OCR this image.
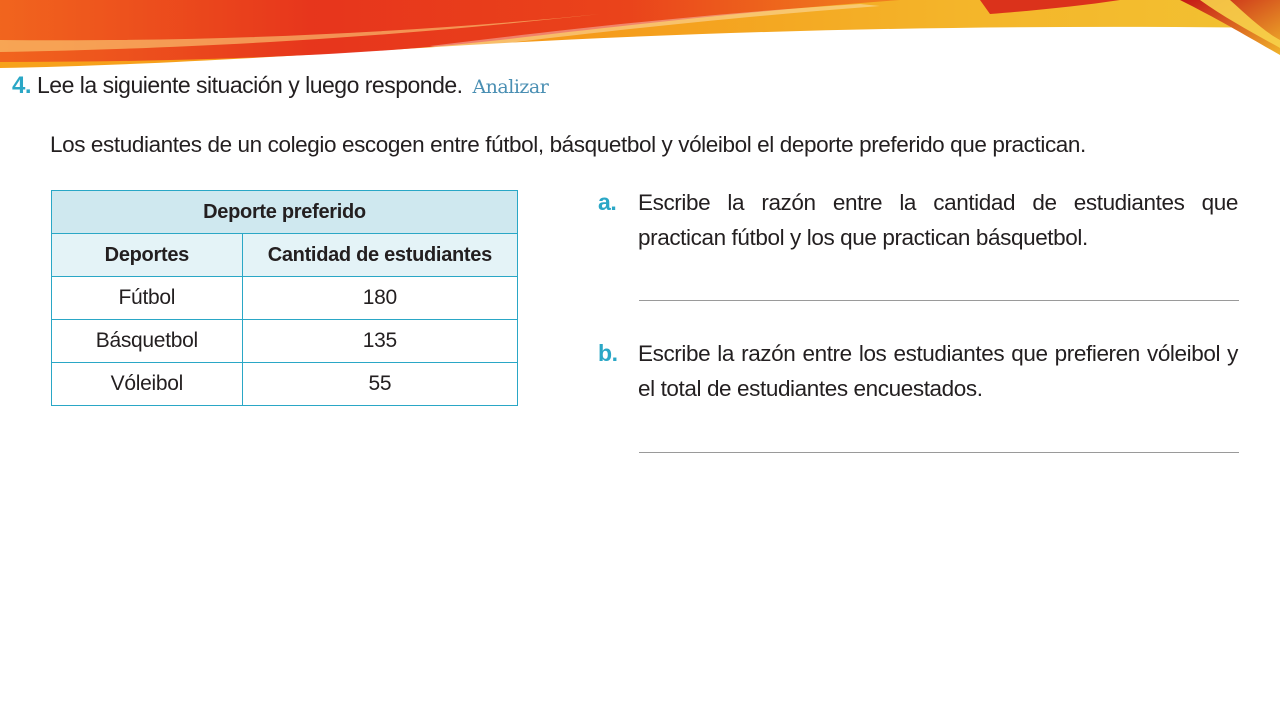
4. Lee la siguiente situación y luego responde. Analizar
Los estudiantes de un colegio escogen entre fútbol, básquetbol y vóleibol el deporte preferido que practican.
Deporte preferido	
Deportes	Cantidad de estudiantes
Fútbol	180
Básquetbol	135
Vóleibol	55
a. Escribe la razón entre la cantidad de estudiantes que practican fútbol y los que practican básquetbol.
b. Escribe la razón entre los estudiantes que prefieren vóleibol y el total de estudiantes encuestados.
